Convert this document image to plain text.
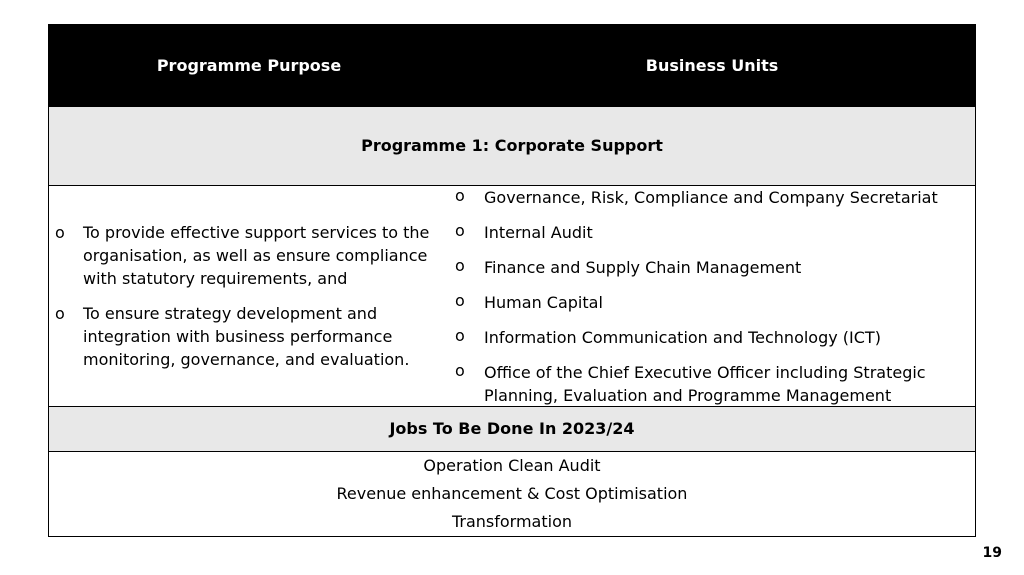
Programme Purpose	Business Units
Programme 1: Corporate Support
o To provide effective support services to the organisation, as well as ensure compliance with statutory requirements, and
o To ensure strategy development and integration with business performance monitoring, governance, and evaluation.
o Governance, Risk, Compliance and Company Secretariat
o Internal Audit
o Finance and Supply Chain Management
o Human Capital
o Information Communication and Technology (ICT)
o Office of the Chief Executive Officer including Strategic Planning, Evaluation and Programme Management
Jobs To Be Done In 2023/24
Operation Clean Audit
Revenue enhancement & Cost Optimisation
Transformation
19
